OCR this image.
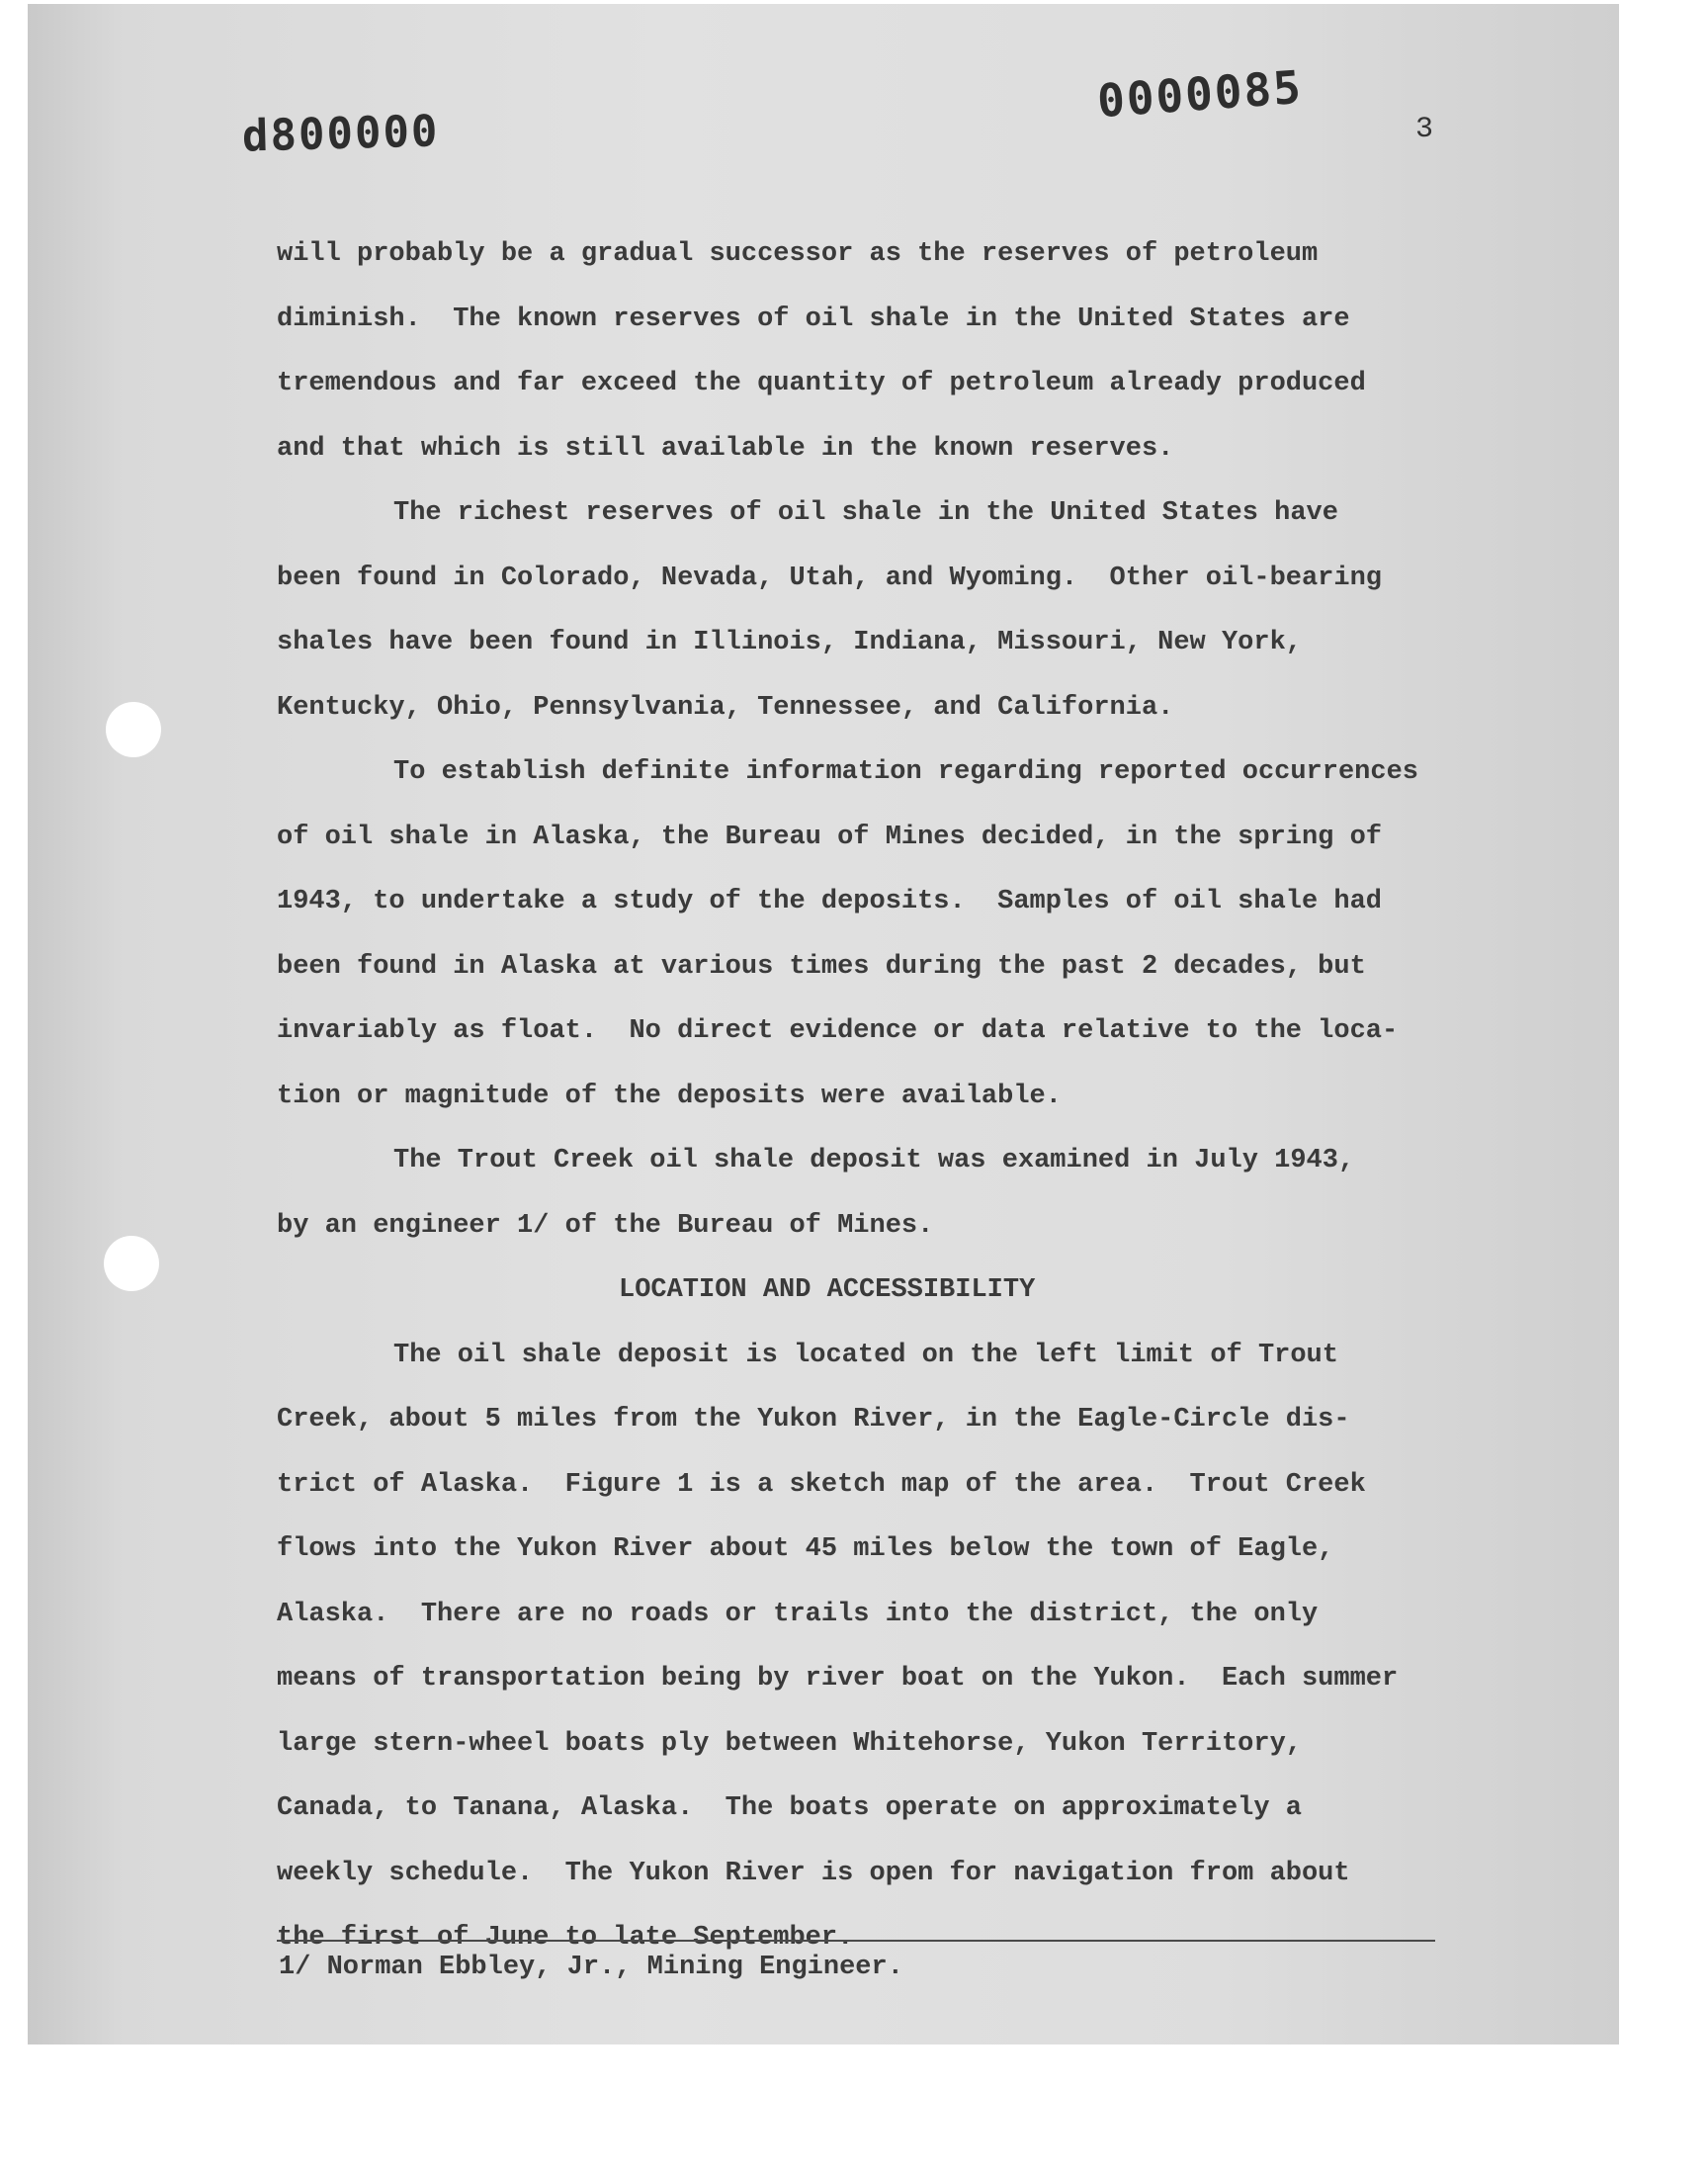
d800000
0000085
3
will probably be a gradual successor as the reserves of petroleum
diminish.  The known reserves of oil shale in the United States are
tremendous and far exceed the quantity of petroleum already produced
and that which is still available in the known reserves.
The richest reserves of oil shale in the United States have
been found in Colorado, Nevada, Utah, and Wyoming.  Other oil-bearing
shales have been found in Illinois, Indiana, Missouri, New York,
Kentucky, Ohio, Pennsylvania, Tennessee, and California.
To establish definite information regarding reported occurrences
of oil shale in Alaska, the Bureau of Mines decided, in the spring of
1943, to undertake a study of the deposits.  Samples of oil shale had
been found in Alaska at various times during the past 2 decades, but
invariably as float.  No direct evidence or data relative to the loca-
tion or magnitude of the deposits were available.
The Trout Creek oil shale deposit was examined in July 1943,
by an engineer 1/ of the Bureau of Mines.
LOCATION AND ACCESSIBILITY
The oil shale deposit is located on the left limit of Trout
Creek, about 5 miles from the Yukon River, in the Eagle-Circle dis-
trict of Alaska.  Figure 1 is a sketch map of the area.  Trout Creek
flows into the Yukon River about 45 miles below the town of Eagle,
Alaska.  There are no roads or trails into the district, the only
means of transportation being by river boat on the Yukon.  Each summer
large stern-wheel boats ply between Whitehorse, Yukon Territory,
Canada, to Tanana, Alaska.  The boats operate on approximately a
weekly schedule.  The Yukon River is open for navigation from about
the first of June to late September.
1/ Norman Ebbley, Jr., Mining Engineer.
